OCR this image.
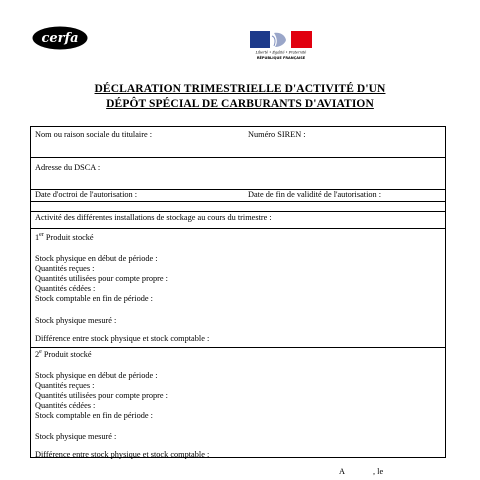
cerfa
Liberté • Égalité • Fraternité
RÉPUBLIQUE FRANÇAISE
DÉCLARATION TRIMESTRIELLE D'ACTIVITÉ D'UN
DÉPÔT SPÉCIAL DE CARBURANTS D'AVIATION
Nom ou raison sociale du titulaire :	Numéro SIREN :
Adresse du DSCA :
Date d'octroi de l'autorisation :	Date de fin de validité de l'autorisation :
Activité des différentes installations de stockage au cours du trimestre :
1er Produit stocké
Stock physique en début de période :
Quantités reçues :
Quantités utilisées pour compte propre :
Quantités cédées :
Stock comptable en fin de période :
Stock physique mesuré :
Différence entre stock physique et stock comptable :
2e Produit stocké
Stock physique en début de période :
Quantités reçues :
Quantités utilisées pour compte propre :
Quantités cédées :
Stock comptable en fin de période :
Stock physique mesuré :
Différence entre stock physique et stock comptable :
A	, le
